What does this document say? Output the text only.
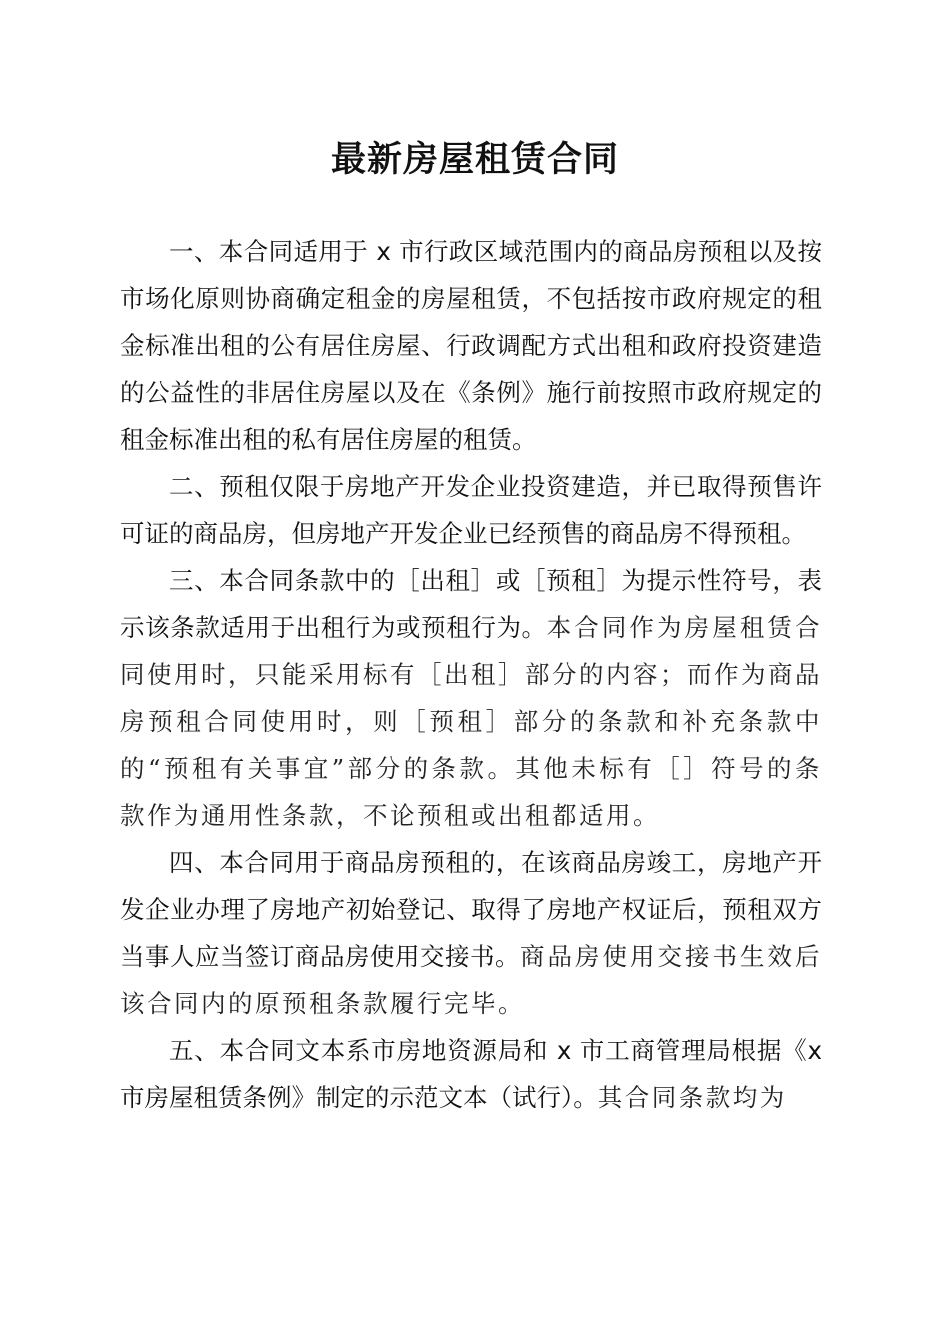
最新房屋租赁合同

一、本合同适用于 x 市行政区域范围内的商品房预租以及按市场化原则协商确定租金的房屋租赁，不包括按市政府规定的租金标准出租的公有居住房屋、行政调配方式出租和政府投资建造的公益性的非居住房屋以及在《条例》施行前按照市政府规定的租金标准出租的私有居住房屋的租赁。

二、预租仅限于房地产开发企业投资建造，并已取得预售许可证的商品房，但房地产开发企业已经预售的商品房不得预租。

三、本合同条款中的［出租］或［预租］为提示性符号，表示该条款适用于出租行为或预租行为。本合同作为房屋租赁合同使用时，只能采用标有［出租］部分的内容；而作为商品房预租合同使用时，则［预租］部分的条款和补充条款中的“预租有关事宜”部分的条款。其他未标有［］符号的条款作为通用性条款，不论预租或出租都适用。

四、本合同用于商品房预租的，在该商品房竣工，房地产开发企业办理了房地产初始登记、取得了房地产权证后，预租双方当事人应当签订商品房使用交接书。商品房使用交接书生效后该合同内的原预租条款履行完毕。

五、本合同文本系市房地资源局和 x 市工商管理局根据《x 市房屋租赁条例》制定的示范文本（试行）。其合同条款均为
